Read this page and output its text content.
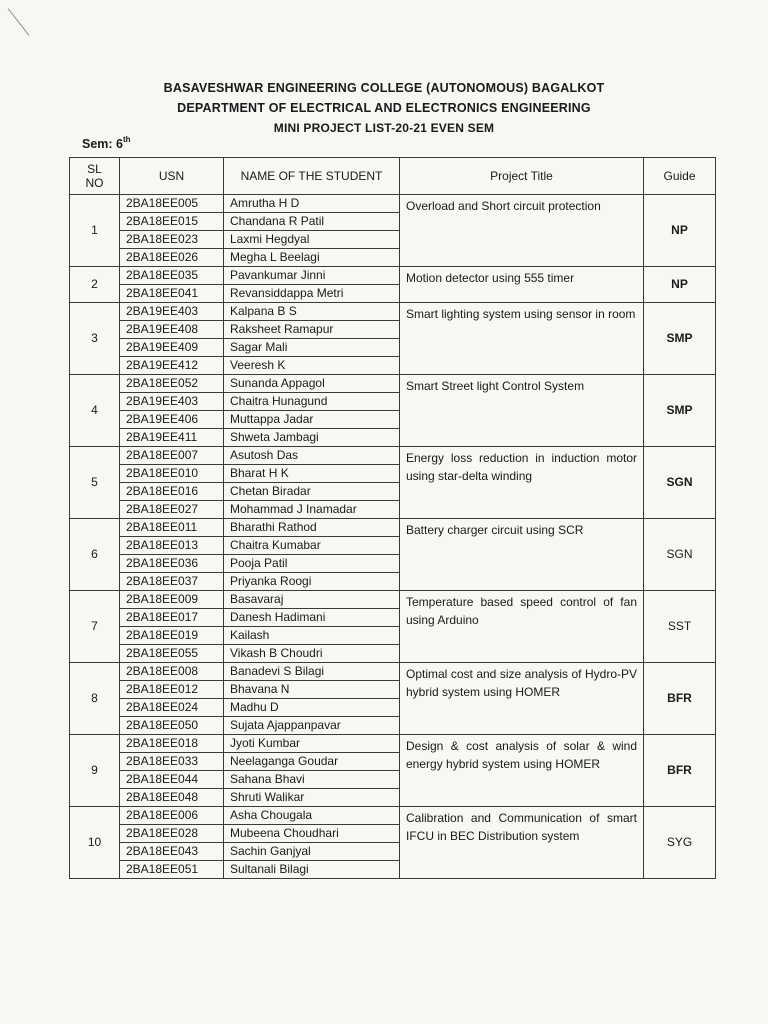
BASAVESHWAR ENGINEERING COLLEGE (AUTONOMOUS) BAGALKOT
DEPARTMENT OF ELECTRICAL AND ELECTRONICS ENGINEERING
MINI PROJECT LIST-20-21 EVEN SEM
Sem: 6th
SL
NO	USN	NAME OF THE STUDENT	Project Title	Guide
1	2BA18EE005	Amrutha H D	Overload and Short circuit protection	NP
	2BA18EE015	Chandana R Patil		
	2BA18EE023	Laxmi Hegdyal		
	2BA18EE026	Megha L Beelagi		
2	2BA18EE035	Pavankumar Jinni	Motion detector using 555 timer	NP
	2BA18EE041	Revansiddappa Metri		
3	2BA19EE403	Kalpana B S	Smart lighting system using sensor in room	SMP
	2BA19EE408	Raksheet Ramapur		
	2BA19EE409	Sagar Mali		
	2BA19EE412	Veeresh K		
4	2BA18EE052	Sunanda Appagol	Smart Street light Control System	SMP
	2BA19EE403	Chaitra Hunagund		
	2BA19EE406	Muttappa Jadar		
	2BA19EE411	Shweta Jambagi		
5	2BA18EE007	Asutosh Das	Energy loss reduction in induction motor using star-delta winding	SGN
	2BA18EE010	Bharat H K		
	2BA18EE016	Chetan Biradar		
	2BA18EE027	Mohammad J Inamadar		
6	2BA18EE011	Bharathi Rathod	Battery charger circuit using SCR	SGN
	2BA18EE013	Chaitra Kumabar		
	2BA18EE036	Pooja Patil		
	2BA18EE037	Priyanka Roogi		
7	2BA18EE009	Basavaraj	Temperature based speed control of fan using Arduino	SST
	2BA18EE017	Danesh Hadimani		
	2BA18EE019	Kailash		
	2BA18EE055	Vikash B Choudri		
8	2BA18EE008	Banadevi S Bilagi	Optimal cost and size analysis of Hydro-PV hybrid system using HOMER	BFR
	2BA18EE012	Bhavana N		
	2BA18EE024	Madhu D		
	2BA18EE050	Sujata Ajappanpavar		
9	2BA18EE018	Jyoti Kumbar	Design & cost analysis of solar & wind energy hybrid system using HOMER	BFR
	2BA18EE033	Neelaganga Goudar		
	2BA18EE044	Sahana Bhavi		
	2BA18EE048	Shruti Walikar		
10	2BA18EE006	Asha Chougala	Calibration and Communication of smart IFCU in BEC Distribution system	SYG
	2BA18EE028	Mubeena Choudhari		
	2BA18EE043	Sachin Ganjyal		
	2BA18EE051	Sultanali Bilagi		
